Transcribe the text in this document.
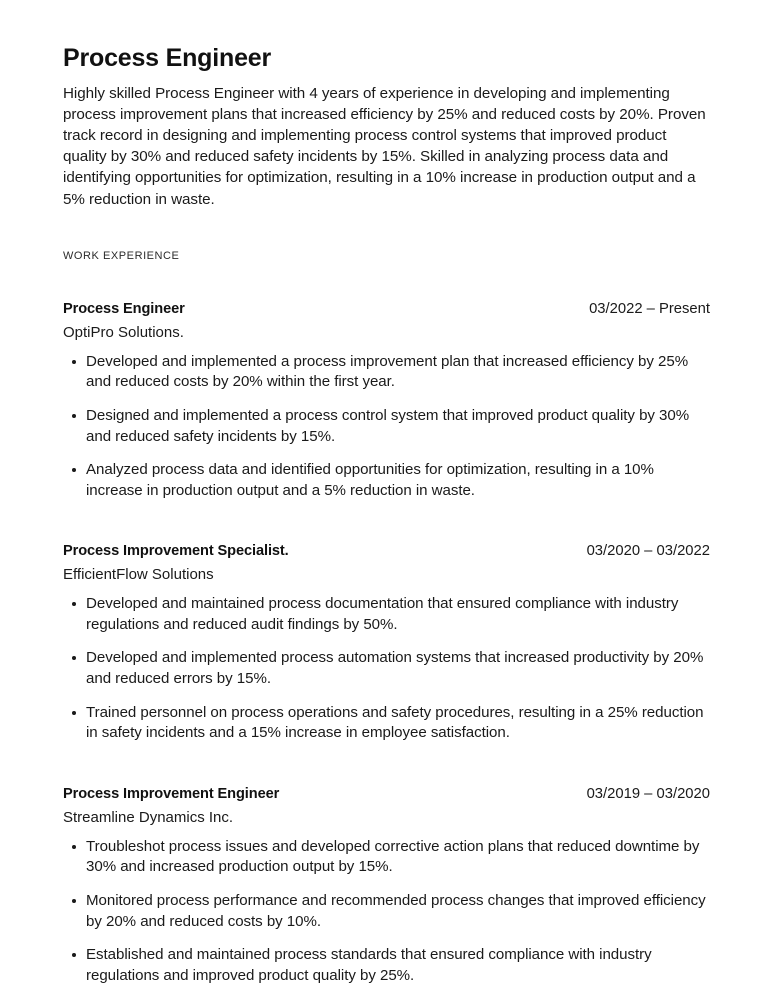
Process Engineer

Highly skilled Process Engineer with 4 years of experience in developing and implementing process improvement plans that increased efficiency by 25% and reduced costs by 20%. Proven track record in designing and implementing process control systems that improved product quality by 30% and reduced safety incidents by 15%. Skilled in analyzing process data and identifying opportunities for optimization, resulting in a 10% increase in production output and a 5% reduction in waste.

WORK EXPERIENCE
Process Engineer	03/2022 – Present
OptiPro Solutions.
Developed and implemented a process improvement plan that increased efficiency by 25% and reduced costs by 20% within the first year.
Designed and implemented a process control system that improved product quality by 30% and reduced safety incidents by 15%.
Analyzed process data and identified opportunities for optimization, resulting in a 10% increase in production output and a 5% reduction in waste.
Process Improvement Specialist.	03/2020 – 03/2022
EfficientFlow Solutions
Developed and maintained process documentation that ensured compliance with industry regulations and reduced audit findings by 50%.
Developed and implemented process automation systems that increased productivity by 20% and reduced errors by 15%.
Trained personnel on process operations and safety procedures, resulting in a 25% reduction in safety incidents and a 15% increase in employee satisfaction.
Process Improvement Engineer	03/2019 – 03/2020
Streamline Dynamics Inc.
Troubleshot process issues and developed corrective action plans that reduced downtime by 30% and increased production output by 15%.
Monitored process performance and recommended process changes that improved efficiency by 20% and reduced costs by 10%.
Established and maintained process standards that ensured compliance with industry regulations and improved product quality by 25%.
